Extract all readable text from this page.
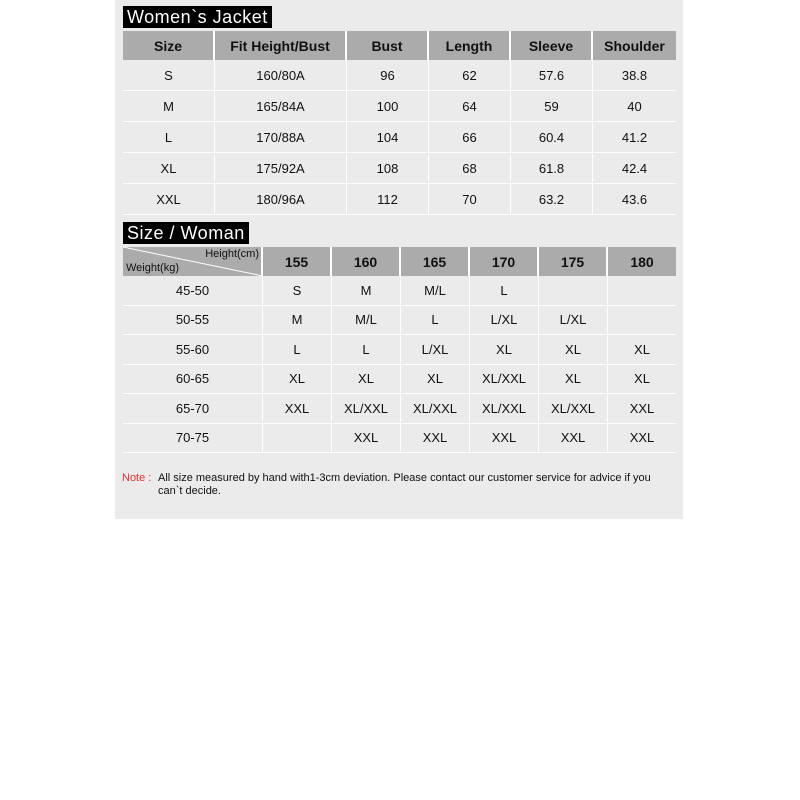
Women`s Jacket
Size	Fit Height/Bust	Bust	Length	Sleeve	Shoulder
S	160/80A	96	62	57.6	38.8
M	165/84A	100	64	59	40
L	170/88A	104	66	60.4	41.2
XL	175/92A	108	68	61.8	42.4
XXL	180/96A	112	70	63.2	43.6
Size / Woman
Height(cm)
Weight(kg)	155	160	165	170	175	180
45-50	S	M	M/L	L		
50-55	M	M/L	L	L/XL	L/XL	
55-60	L	L	L/XL	XL	XL	XL
60-65	XL	XL	XL	XL/XXL	XL	XL
65-70	XXL	XL/XXL	XL/XXL	XL/XXL	XL/XXL	XXL
70-75		XXL	XXL	XXL	XXL	XXL
Note : All size measured by hand with1-3cm deviation. Please contact our customer service for advice if you can`t decide.
